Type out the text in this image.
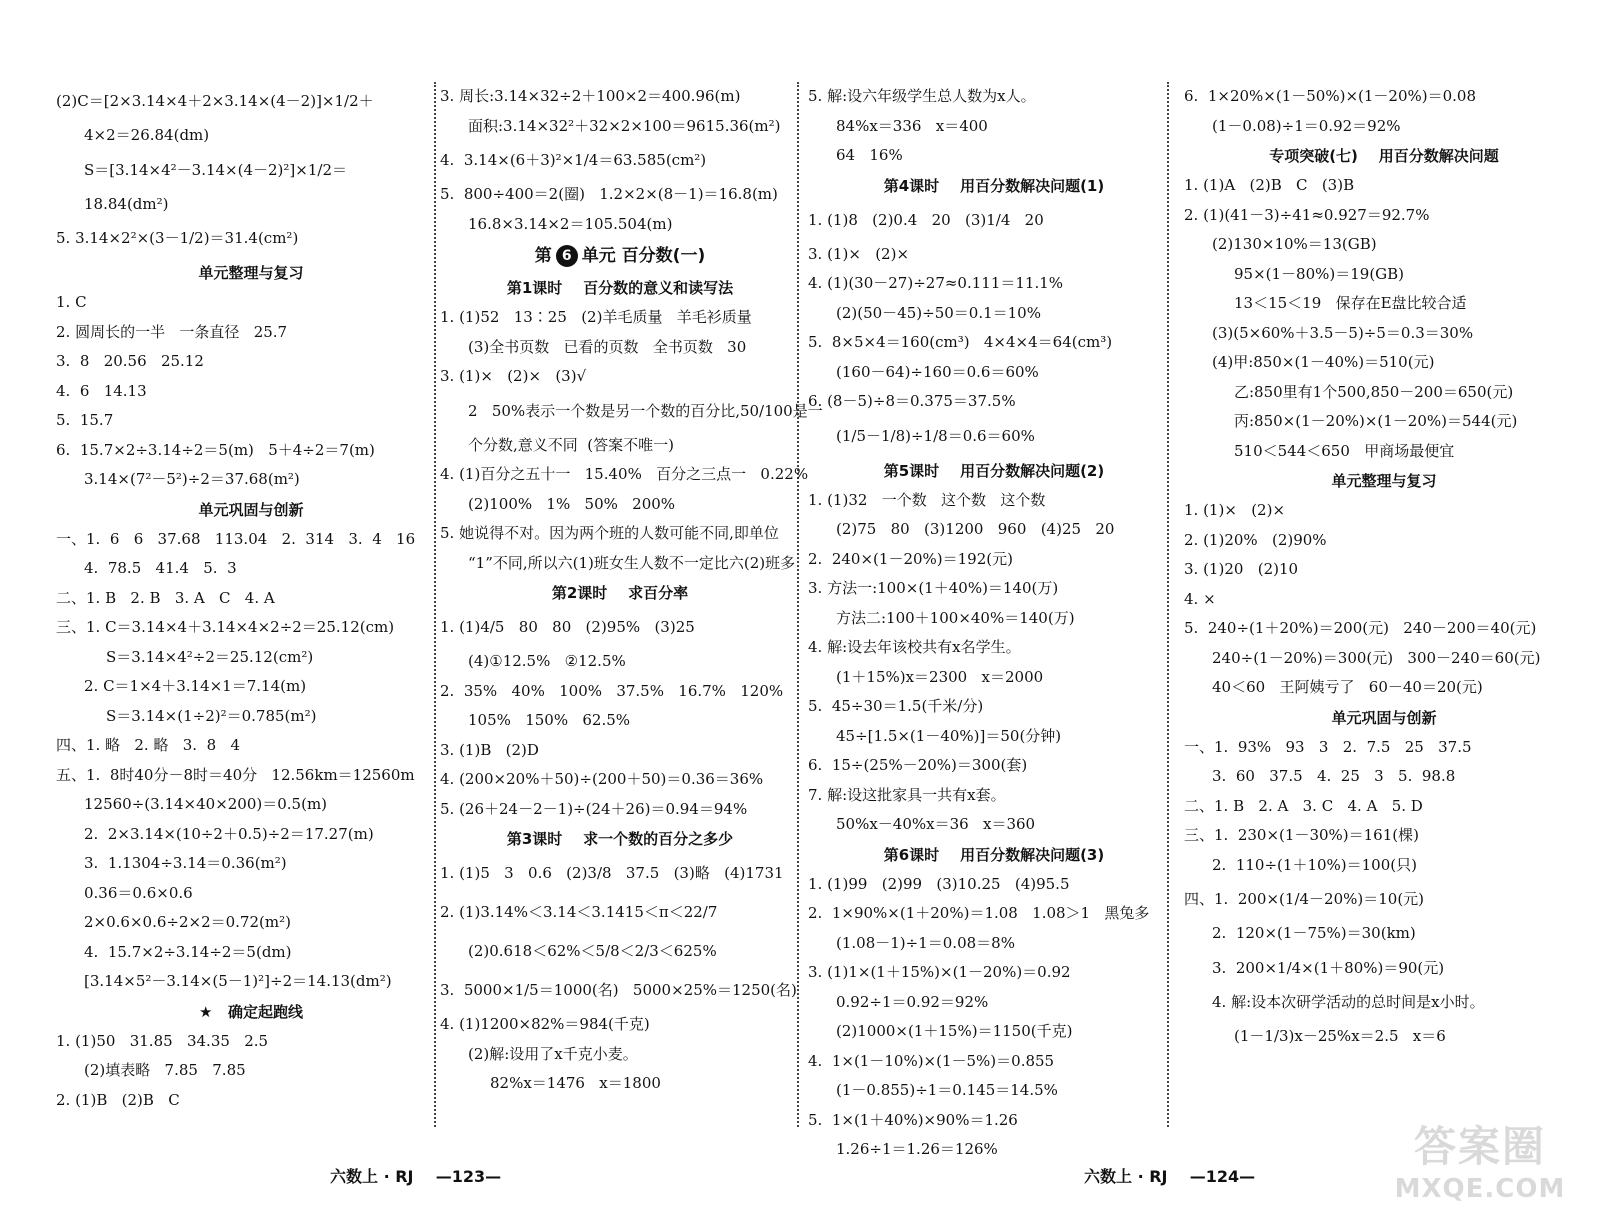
(2)C＝[2×3.14×4＋2×3.14×(4－2)]×1/2＋
4×2＝26.84(dm)
S＝[3.14×4²－3.14×(4－2)²]×1/2＝
18.84(dm²)
5. 3.14×2²×(3－1/2)＝31.4(cm²)
单元整理与复习
1. C
2. 圆周长的一半   一条直径   25.7
3.  8   20.56   25.12
4.  6   14.13
5.  15.7
6.  15.7×2÷3.14÷2＝5(m)   5＋4÷2＝7(m)
3.14×(7²－5²)÷2＝37.68(m²)
单元巩固与创新
一、1.  6   6   37.68   113.04   2.  314   3.  4   16
4.  78.5   41.4   5.  3
二、1. B   2. B   3. A   C   4. A
三、1. C＝3.14×4＋3.14×4×2÷2＝25.12(cm)
S＝3.14×4²÷2＝25.12(cm²)
2. C＝1×4＋3.14×1＝7.14(m)
S＝3.14×(1÷2)²＝0.785(m²)
四、1. 略   2. 略   3.  8   4
五、1.  8时40分－8时＝40分   12.56km＝12560m
12560÷(3.14×40×200)＝0.5(m)
2.  2×3.14×(10÷2＋0.5)÷2＝17.27(m)
3.  1.1304÷3.14＝0.36(m²)
0.36＝0.6×0.6
2×0.6×0.6÷2×2＝0.72(m²)
4.  15.7×2÷3.14÷2＝5(dm)
[3.14×5²－3.14×(5－1)²]÷2＝14.13(dm²)
★   确定起跑线
1. (1)50   31.85   34.35   2.5
(2)填表略   7.85   7.85
2. (1)B   (2)B   C
3. 周长:3.14×32÷2＋100×2＝400.96(m)
面积:3.14×32²＋32×2×100＝9615.36(m²)
4.  3.14×(6＋3)²×1/4＝63.585(cm²)
5.  800÷400＝2(圈)   1.2×2×(8－1)＝16.8(m)
16.8×3.14×2＝105.504(m)
第 6 单元 百分数(一)
第1课时    百分数的意义和读写法
1. (1)52   13∶25   (2)羊毛质量   羊毛衫质量
(3)全书页数   已看的页数   全书页数   30
3. (1)×   (2)×   (3)√
2   50%表示一个数是另一个数的百分比,50/100是一
个分数,意义不同  (答案不唯一)
4. (1)百分之五十一   15.40%   百分之三点一   0.22%
(2)100%   1%   50%   200%
5. 她说得不对。因为两个班的人数可能不同,即单位
“1”不同,所以六(1)班女生人数不一定比六(2)班多
第2课时    求百分率
1. (1)4/5   80   80   (2)95%   (3)25
(4)①12.5%   ②12.5%
2.  35%   40%   100%   37.5%   16.7%   120%
105%   150%   62.5%
3. (1)B   (2)D
4. (200×20%＋50)÷(200＋50)＝0.36＝36%
5. (26＋24－2－1)÷(24＋26)＝0.94＝94%
第3课时    求一个数的百分之多少
1. (1)5   3   0.6   (2)3/8   37.5   (3)略   (4)1731
2. (1)3.14%＜3.14＜3.1415＜π＜22/7
(2)0.618＜62%＜5/8＜2/3＜625%
3.  5000×1/5＝1000(名)   5000×25%＝1250(名)
4. (1)1200×82%＝984(千克)
(2)解:设用了x千克小麦。
82%x＝1476   x＝1800
5. 解:设六年级学生总人数为x人。
84%x＝336   x＝400
64   16%
第4课时    用百分数解决问题(1)
1. (1)8   (2)0.4   20   (3)1/4   20
3. (1)×   (2)×
4. (1)(30－27)÷27≈0.111＝11.1%
(2)(50－45)÷50＝0.1＝10%
5.  8×5×4＝160(cm³)   4×4×4＝64(cm³)
(160－64)÷160＝0.6＝60%
6. (8－5)÷8＝0.375＝37.5%
(1/5－1/8)÷1/8＝0.6＝60%
第5课时    用百分数解决问题(2)
1. (1)32   一个数   这个数   这个数
(2)75   80   (3)1200   960   (4)25   20
2.  240×(1－20%)＝192(元)
3. 方法一:100×(1＋40%)＝140(万)
方法二:100＋100×40%＝140(万)
4. 解:设去年该校共有x名学生。
(1＋15%)x＝2300   x＝2000
5.  45÷30＝1.5(千米/分)
45÷[1.5×(1－40%)]＝50(分钟)
6.  15÷(25%－20%)＝300(套)
7. 解:设这批家具一共有x套。
50%x－40%x＝36   x＝360
第6课时    用百分数解决问题(3)
1. (1)99   (2)99   (3)10.25   (4)95.5
2.  1×90%×(1＋20%)＝1.08   1.08＞1   黑兔多
(1.08－1)÷1＝0.08＝8%
3. (1)1×(1＋15%)×(1－20%)＝0.92
0.92÷1＝0.92＝92%
(2)1000×(1＋15%)＝1150(千克)
4.  1×(1－10%)×(1－5%)＝0.855
(1－0.855)÷1＝0.145＝14.5%
5.  1×(1＋40%)×90%＝1.26
1.26÷1＝1.26＝126%
6.  1×20%×(1－50%)×(1－20%)＝0.08
(1－0.08)÷1＝0.92＝92%
专项突破(七)    用百分数解决问题
1. (1)A   (2)B   C   (3)B
2. (1)(41－3)÷41≈0.927＝92.7%
(2)130×10%＝13(GB)
95×(1－80%)＝19(GB)
13＜15＜19   保存在E盘比较合适
(3)(5×60%＋3.5－5)÷5＝0.3＝30%
(4)甲:850×(1－40%)＝510(元)
乙:850里有1个500,850－200＝650(元)
丙:850×(1－20%)×(1－20%)＝544(元)
510＜544＜650   甲商场最便宜
单元整理与复习
1. (1)×   (2)×
2. (1)20%   (2)90%
3. (1)20   (2)10
4. ×
5.  240÷(1＋20%)＝200(元)   240－200＝40(元)
240÷(1－20%)＝300(元)   300－240＝60(元)
40＜60   王阿姨亏了   60－40＝20(元)
单元巩固与创新
一、1.  93%   93   3   2.  7.5   25   37.5
3.  60   37.5   4.  25   3   5.  98.8
二、1. B   2. A   3. C   4. A   5. D
三、1.  230×(1－30%)＝161(棵)
2.  110÷(1＋10%)＝100(只)
四、1.  200×(1/4－20%)＝10(元)
2.  120×(1－75%)＝30(km)
3.  200×1/4×(1＋80%)＝90(元)
4. 解:设本次研学活动的总时间是x小时。
(1－1/3)x－25%x＝2.5   x＝6
六数上 · RJ    —123—	六数上 · RJ    —124—
答案圈
MXQE.COM
